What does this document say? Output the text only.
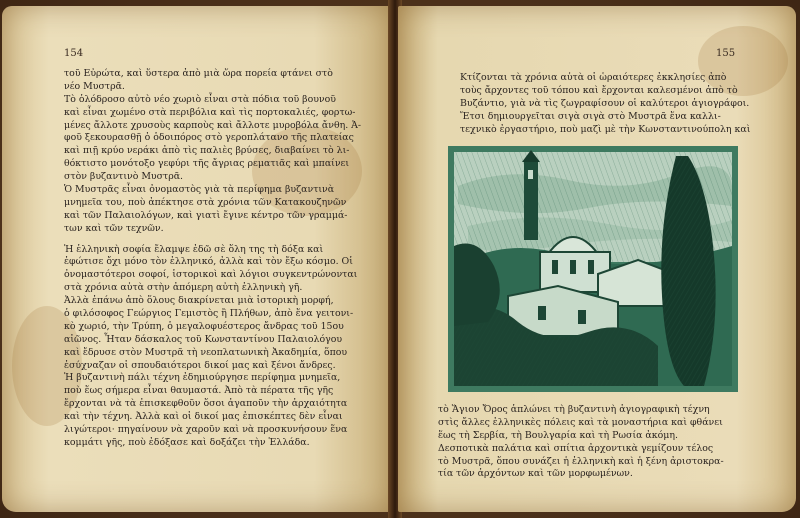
154
τοῦ Εὐρώτα, καὶ ὕστερα ἀπὸ μιὰ ὥρα πορεία φτάνει στὸ
νέο Μυστρᾶ.
Τὸ ὁλόδροσο αὐτὸ νέο χωριὸ εἶναι στὰ πόδια τοῦ βουνοῦ
καὶ εἶναι χωμένο στὰ περιβόλια καὶ τὶς πορτοκαλιές, φορτω-
μένες ἄλλοτε χρυσοὺς καρποὺς καὶ ἄλλοτε μυροβόλα ἄνθη. Ἀ-
φοῦ ξεκουρασθῇ ὁ ὁδοιπόρος στὸ γεροπλάτανο τῆς πλατείας
καὶ πιῇ κρύο νεράκι ἀπὸ τὶς παλιὲς βρύσες, διαβαίνει τὸ λι-
θόκτιστο μονότοξο γεφύρι τῆς ἄγριας ρεματιᾶς καὶ μπαίνει
στὸν βυζαντινὸ Μυστρᾶ.
Ὁ Μυστρᾶς εἶναι ὀνομαστὸς γιὰ τὰ περίφημα βυζαντινὰ
μνημεῖα του, ποὺ ἀπέκτησε στὰ χρόνια τῶν Κατακουζηνῶν
καὶ τῶν Παλαιολόγων, καὶ γιατὶ ἔγινε κέντρο τῶν γραμμά-
των καὶ τῶν τεχνῶν.
Ἡ ἑλληνικὴ σοφία ἔλαμψε ἐδῶ σὲ ὅλη της τὴ δόξα καὶ
ἐφώτισε ὄχι μόνο τὸν ἑλληνικό, ἀλλὰ καὶ τὸν ἔξω κόσμο. Οἱ
ὀνομαστότεροι σοφοί, ἱστορικοὶ καὶ λόγιοι συγκεντρώνονται
στὰ χρόνια αὐτὰ στὴν ἀπόμερη αὐτὴ ἑλληνικὴ γῆ.
Ἀλλὰ ἐπάνω ἀπὸ ὅλους διακρίνεται μιὰ ἱστορικὴ μορφή,
ὁ φιλόσοφος Γεώργιος Γεμιστὸς ἢ Πλήθων, ἀπὸ ἕνα γειτονι-
κὸ χωριό, τὴν Τρύπη, ὁ μεγαλοφυέστερος ἄνδρας τοῦ 15ου
αἰῶνος. Ἦταν δάσκαλος τοῦ Κωνσταντίνου Παλαιολόγου
καὶ ἔδρυσε στὸν Μυστρᾶ τὴ νεοπλατωνικὴ Ἀκαδημία, ὅπου
ἐσύχναζαν οἱ σπουδαιότεροι δικοί μας καὶ ξένοι ἄνδρες.
Ἡ βυζαντινὴ πάλι τέχνη ἐδημιούργησε περίφημα μνημεῖα,
ποὺ ἕως σήμερα εἶναι θαυμαστά. Ἀπὸ τὰ πέρατα τῆς γῆς
ἔρχονται νὰ τὰ ἐπισκεφθοῦν ὅσοι ἀγαποῦν τὴν ἀρχαιότητα
καὶ τὴν τέχνη. Ἀλλὰ καὶ οἱ δικοί μας ἐπισκέπτες δὲν εἶναι
λιγώτεροι· πηγαίνουν νὰ χαροῦν καὶ νὰ προσκυνήσουν ἕνα
κομμάτι γῆς, ποὺ ἐδόξασε καὶ δοξάζει τὴν Ἑλλάδα.
155
Κτίζονται τὰ χρόνια αὐτὰ οἱ ὡραιότερες ἐκκλησίες ἀπὸ
τοὺς ἄρχοντες τοῦ τόπου καὶ ἔρχονται καλεσμένοι ἀπὸ τὸ
Βυζάντιο, γιὰ νὰ τὶς ζωγραφίσουν οἱ καλύτεροι ἁγιογράφοι.
Ἔτσι δημιουργεῖται σιγὰ σιγὰ στὸ Μυστρᾶ ἕνα καλλι-
τεχνικὸ ἐργαστήριο, ποὺ μαζὶ μὲ τὴν Κωνσταντινούπολη καὶ
τὸ Ἅγιον Ὄρος ἁπλώνει τὴ βυζαντινὴ ἁγιογραφικὴ τέχνη
στὶς ἄλλες ἑλληνικὲς πόλεις καὶ τὰ μοναστήρια καὶ φθάνει
ἕως τὴ Σερβία, τὴ Βουλγαρία καὶ τὴ Ρωσία ἀκόμη.
Δεσποτικὰ παλάτια καὶ σπίτια ἀρχοντικὰ γεμίζουν τέλος
τὸ Μυστρᾶ, ὅπου συνάζει ἡ ἑλληνικὴ καὶ ἡ ξένη ἀριστοκρα-
τία τῶν ἀρχόντων καὶ τῶν μορφωμένων.
